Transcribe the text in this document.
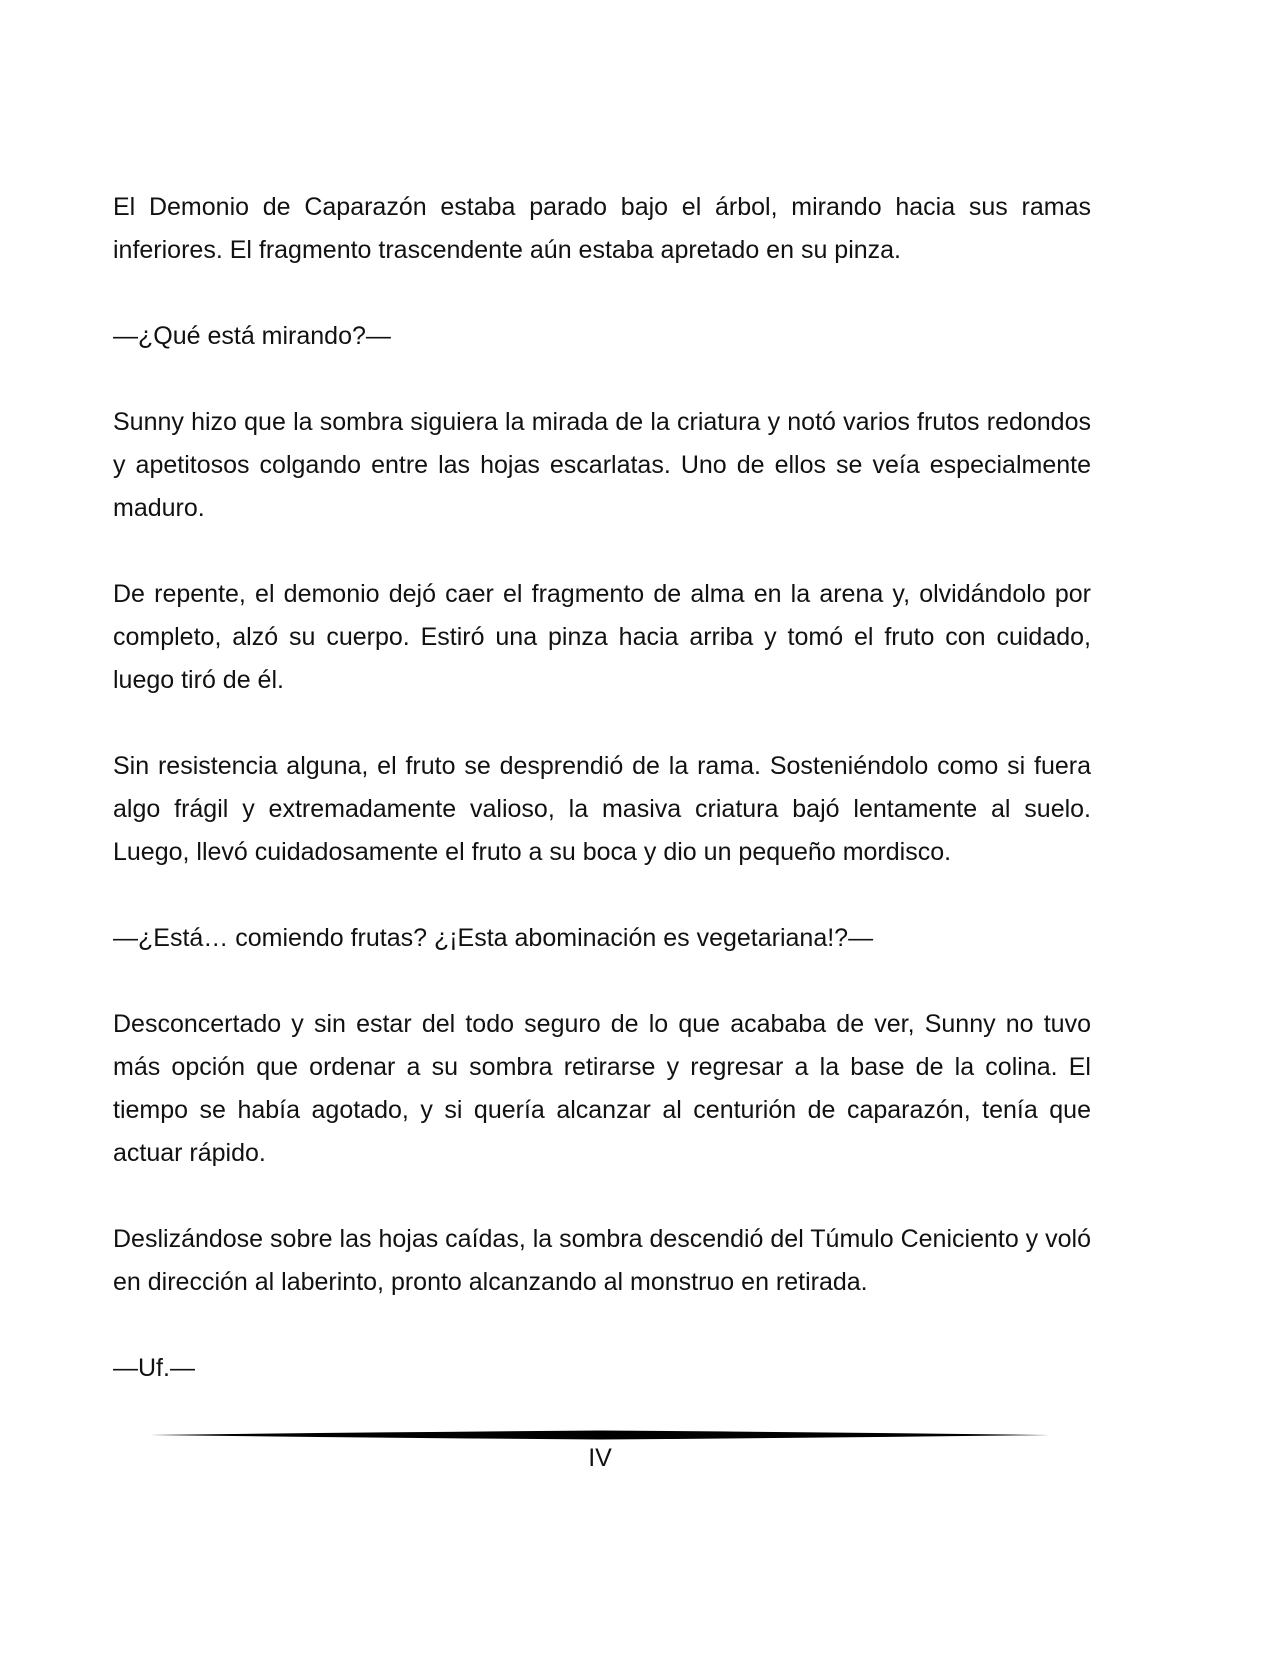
El Demonio de Caparazón estaba parado bajo el árbol, mirando hacia sus ramas inferiores. El fragmento trascendente aún estaba apretado en su pinza.

—¿Qué está mirando?—

Sunny hizo que la sombra siguiera la mirada de la criatura y notó varios frutos redondos y apetitosos colgando entre las hojas escarlatas. Uno de ellos se veía especialmente maduro.

De repente, el demonio dejó caer el fragmento de alma en la arena y, olvidándolo por completo, alzó su cuerpo. Estiró una pinza hacia arriba y tomó el fruto con cuidado, luego tiró de él.

Sin resistencia alguna, el fruto se desprendió de la rama. Sosteniéndolo como si fuera algo frágil y extremadamente valioso, la masiva criatura bajó lentamente al suelo. Luego, llevó cuidadosamente el fruto a su boca y dio un pequeño mordisco.

—¿Está… comiendo frutas? ¿¡Esta abominación es vegetariana!?—

Desconcertado y sin estar del todo seguro de lo que acababa de ver, Sunny no tuvo más opción que ordenar a su sombra retirarse y regresar a la base de la colina. El tiempo se había agotado, y si quería alcanzar al centurión de caparazón, tenía que actuar rápido.

Deslizándose sobre las hojas caídas, la sombra descendió del Túmulo Ceniciento y voló en dirección al laberinto, pronto alcanzando al monstruo en retirada.

—Uf.—

IV
